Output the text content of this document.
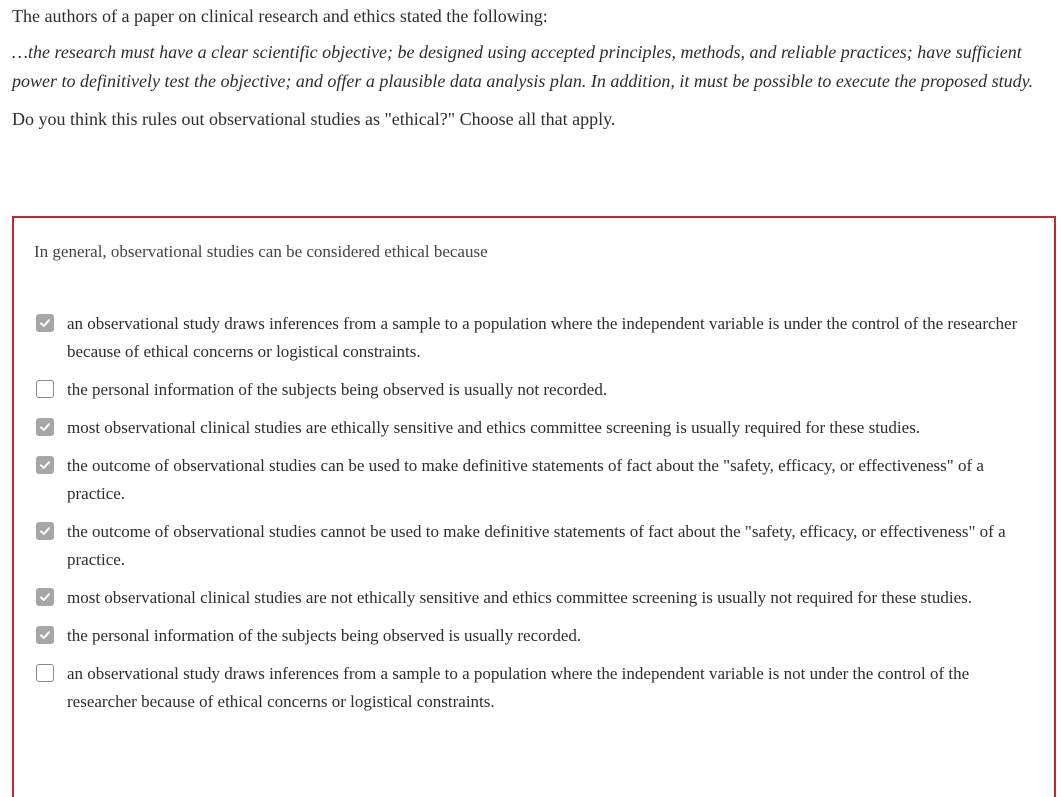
The authors of a paper on clinical research and ethics stated the following:

…the research must have a clear scientific objective; be designed using accepted principles, methods, and reliable practices; have sufficient power to definitively test the objective; and offer a plausible data analysis plan. In addition, it must be possible to execute the proposed study.

Do you think this rules out observational studies as "ethical?" Choose all that apply.

In general, observational studies can be considered ethical because
an observational study draws inferences from a sample to a population where the independent variable is under the control of the researcher because of ethical concerns or logistical constraints.
the personal information of the subjects being observed is usually not recorded.
most observational clinical studies are ethically sensitive and ethics committee screening is usually required for these studies.
the outcome of observational studies can be used to make definitive statements of fact about the "safety, efficacy, or effectiveness" of a practice.
the outcome of observational studies cannot be used to make definitive statements of fact about the "safety, efficacy, or effectiveness" of a practice.
most observational clinical studies are not ethically sensitive and ethics committee screening is usually not required for these studies.
the personal information of the subjects being observed is usually recorded.
an observational study draws inferences from a sample to a population where the independent variable is not under the control of the researcher because of ethical concerns or logistical constraints.
